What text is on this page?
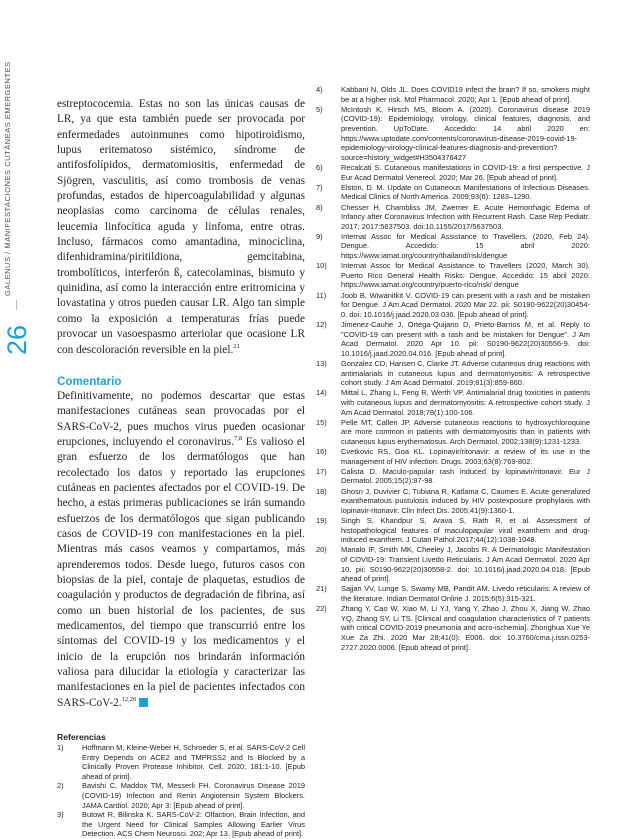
GALENUS / MANIFESTACIONES CUTÁNEAS EMERGENTES
26

estreptococemia. Estas no son las únicas causas de LR, ya que esta también puede ser provocada por enfermedades autoinmunes como hipotiroidismo, lupus eritematoso sistémico, síndrome de antifosfolípidos, dermatomiositis, enfermedad de Sjögren, vasculitis, así como trombosis de venas profundas, estados de hipercoagulabilidad y algunas neoplasias como carcinoma de células renales, leucemia linfocítica aguda y linfoma, entre otras. Incluso, fármacos como amantadina, minociclina, difenhidramina/piritildiona, gemcitabina, trombolíticos, interferón ß, catecolaminas, bismuto y quinidina, así como la interacción entre eritromicina y lovastatina y otros pueden causar LR. Algo tan simple como la exposición a temperaturas frías puede provocar un vasoespasmo arteriolar que ocasione LR con descoloración reversible en la piel.$^{21}$

Comentario

Definitivamente, no podemos descartar que estas manifestaciones cutáneas sean provocadas por el SARS-CoV-2, pues muchos virus pueden ocasionar erupciones, incluyendo el coronavirus.$^{7,8}$ Es valioso el gran esfuerzo de los dermatólogos que han recolectado los datos y reportado las erupciones cutáneas en pacientes afectados por el COVID-19. De hecho, a estas primeras publicaciones se irán sumando esfuerzos de los dermatólogos que sigan publicando casos de COVID-19 con manifestaciones en la piel. Mientras más casos veamos y compartamos, más aprenderemos todos. Desde luego, futuros casos con biopsias de la piel, contaje de plaquetas, estudios de coagulación y productos de degradación de fibrina, así como un buen historial de los pacientes, de sus medicamentos, del tiempo que transcurrió entre los síntomas del COVID-19 y los medicamentos y el inicio de la erupción nos brindarán información valiosa para dilucidar la etiología y caracterizar las manifestaciones en la piel de pacientes infectados con SARS-CoV-2.$^{12,20}$

Referencias
1)	Hoffmann M, Kleine-Weber H, Schroeder S, et al. SARS-CoV-2 Cell Entry Depends on ACE2 and TMPRSS2 and Is Blocked by a Clinically Proven Protease Inhibitor. Cell. 2020; 181:1-10. [Epub ahead of print].
2)	Bavishi C, Maddox TM, Messerli FH. Coronavirus Disease 2019 (COVID-19) Infection and Renin Angiotensin System Blockers. JAMA Cardiol. 2020; Apr 3: [Epub ahead of print].
3)	Butowt R, Bilinska K. SARS-CoV-2: Olfaction, Brain Infection, and the Urgent Need for Clinical Samples Allowing Earlier Virus Detection. ACS Chem Neurosci. 202; Apr 13. [Epub ahead of print].
4)	Kabbani N, Olds JL. Does COVID19 infect the brain? If so, smokers might be at a higher risk. Mol Pharmacol. 2020; Apr 1. [Epub ahead of print].
5)	McIntosh K, Hirsch MS, Bloom A. (2020). Coronavirus disease 2019 (COVID-19): Epidemiology, virology, clinical features, diagnosis, and prevention. UpToDate. Accedido: 14 abril 2020 en: https://www.uptodate.com/contents/coronavirus-disease-2019-covid-19-epidemiology-virology-clinical-features-diagnosis-and-prevention?source=history_widget#H3504376427
6)	Recalcati S. Cutaneous manifestations in COVID-19: a first perspective. J Eur Acad Dermatol Venereol. 2020; Mar 26. [Epub ahead of print].
7)	Elston, D. M. Update on Cutaneous Manifestations of Infectious Diseases. Medical Clinics of North America. 2009;93(6): 1283–1290.
8)	Chesser H, Chambliss JM, Zwemer E. Acute Hemorrhagic Edema of Infancy after Coronavirus Infection with Recurrent Rash. Case Rep Pediatr. 2017; 2017:5637503. doi:10.1155/2017/5637503.
9)	Internat Assoc for Medical Assistance to Travellers. (2020, Feb 24). Dengue. Accedido: 15 abril 2020: https://www.iamat.org/country/thailand/risk/dengue
10)	Internat Assoc for Medical Assistance to Travellers (2020, March 30). Puerto Rico General Health Risks: Dengue. Accedido: 15 abril 2020: https://www.iamat.org/country/puerto-rico/risk/ dengue
11)	Joob B, Wiwanitkit V. COVID-19 can present with a rash and be mistaken for Dengue. J Am Acad Dermatol. 2020 Mar 22. pii: S0190-9622(20)30454-0. doi: 10.1016/j.jaad.2020.03.036. [Epub ahead of print].
12)	Jimenez-Cauhe J, Ortega-Quijano D, Prieto-Barrios M, et al. Reply to "COVID-19 can present with a rash and be mistaken for Dengue". J Am Acad Dermatol. 2020 Apr 10. pii: S0190-9622(20)30556-9. doi: 10.1016/j.jaad.2020.04.016. [Epub ahead of print].
13)	Gonzalez CD, Hansen C, Clarke JT. Adverse cutaneous drug reactions with antimalarials in cutaneous lupus and dermatomyositis: A retrospective cohort study. J Am Acad Dermatol. 2019;81(3):859-860.
14)	Mittal L, Zhang L, Feng R, Werth VP. Antimalarial drug toxicities in patients with cutaneous lupus and dermatomyositis: A retrospective cohort study. J Am Acad Dermatol. 2018;78(1):100-106.
15)	Pelle MT, Callen JP. Adverse cutaneous reactions to hydroxychloroquine are more common in patients with dermatomyositis than in patients with cutaneous lupus erythematosus. Arch Dermatol. 2002;138(9):1231-1233.
16)	Cvetkovic RS, Goa KL. Lopinavir/ritonavir: a review of its use in the management of HIV infection. Drugs. 2003;63(8):769-802.
17)	Calista D. Maculo-papular rash induced by lopinavir/ritonavir. Eur J Dermatol. 2005;15(2):97-98.
18)	Ghosn J, Duvivier C, Tubiana R, Katlama C, Caumes E. Acute generalized exanthematous pustulosis induced by HIV postexposure prophylaxis with lopinavir-ritonavir. Clin Infect Dis. 2005;41(9):1360-1.
19)	Singh S, Khandpur S, Arava S, Rath R, et al. Assessment of histopathological features of maculopapular viral exanthem and drug-induced exanthem. J Cutan Pathol.2017;44(12):1038-1048.
20)	Manalo IF, Smith MK, Cheeley J, Jacobs R. A Dermatologic Manifestation of COVID-19: Transient Livedo Reticularis. J Am Acad Dermatol. 2020 Apr 10. pii: S0190-9622(20)30558-2. doi: 10.1016/j.jaad.2020.04.018. [Epub ahead of print].
21)	Sajjan VV, Lunge S, Swamy MB, Pandit AM. Livedo reticularis: A review of the literature. Indian Dermatol Online J. 2015;6(5):315-321.
22)	Zhang Y, Cao W, Xiao M, Li YJ, Yang Y, Zhao J, Zhou X, Jiang W, Zhao YQ, Zhang SY, Li TS. [Clinical and coagulation characteristics of 7 patients with critical COVID-2019 pneumonia and acro-ischemia]. Zhonghua Xue Ye Xue Za Zhi. 2020 Mar 28;41(0): E006. doi: 10.3760/cma.j.issn.0253-2727.2020.0006. [Epub ahead of print].
